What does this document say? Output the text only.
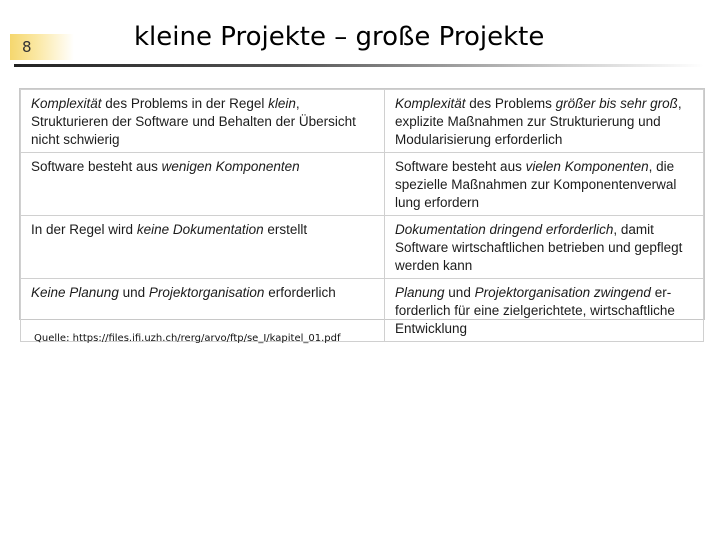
8	kleine Projekte – große Projekte
Komplexität des Problems in der Regel klein, Strukturieren der Software und Behalten der Übersicht nicht schwierig	Komplexität des Problems größer bis sehr groß, explizite Maßnahmen zur Strukturierung und Modularisierung erforderlich
Software besteht aus wenigen Komponenten	Software besteht aus vielen Komponenten, die spezielle Maßnahmen zur Komponentenverwal lung erfordern
In der Regel wird keine Dokumentation erstellt	Dokumentation dringend erforderlich, damit Software wirtschaftlichen betrieben und gepflegt werden kann
Keine Planung und Projektorganisation erforderlich	Planung und Projektorganisation zwingend er-forderlich für eine zielgerichtete, wirtschaftliche Entwicklung
Quelle: https://files.ifi.uzh.ch/rerg/arvo/ftp/se_I/kapitel_01.pdf
